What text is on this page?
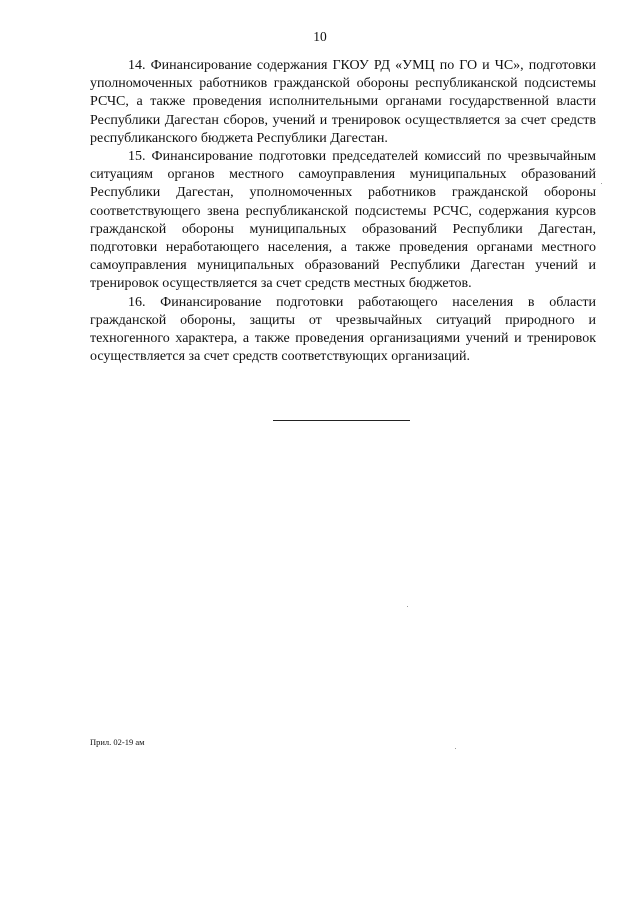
10

14. Финансирование содержания ГКОУ РД «УМЦ по ГО и ЧС», подготовки уполномоченных работников гражданской обороны республиканской подсистемы РСЧС, а также проведения исполнительными органами государственной власти Республики Дагестан сборов, учений и тренировок осуществляется за счет средств республиканского бюджета Республики Дагестан.

15. Финансирование подготовки председателей комиссий по чрезвычайным ситуациям органов местного самоуправления муниципальных образований Республики Дагестан, уполномоченных работников гражданской обороны соответствующего звена республиканской подсистемы РСЧС, содержания курсов гражданской обороны муниципальных образований Республики Дагестан, подготовки неработающего населения, а также проведения органами местного самоуправления муниципальных образований Республики Дагестан учений и тренировок осуществляется за счет средств местных бюджетов.

16. Финансирование подготовки работающего населения в области гражданской обороны, защиты от чрезвычайных ситуаций природного и техногенного характера, а также проведения организациями учений и тренировок осуществляется за счет средств соответствующих организаций.

Прил. 02-19 ам
